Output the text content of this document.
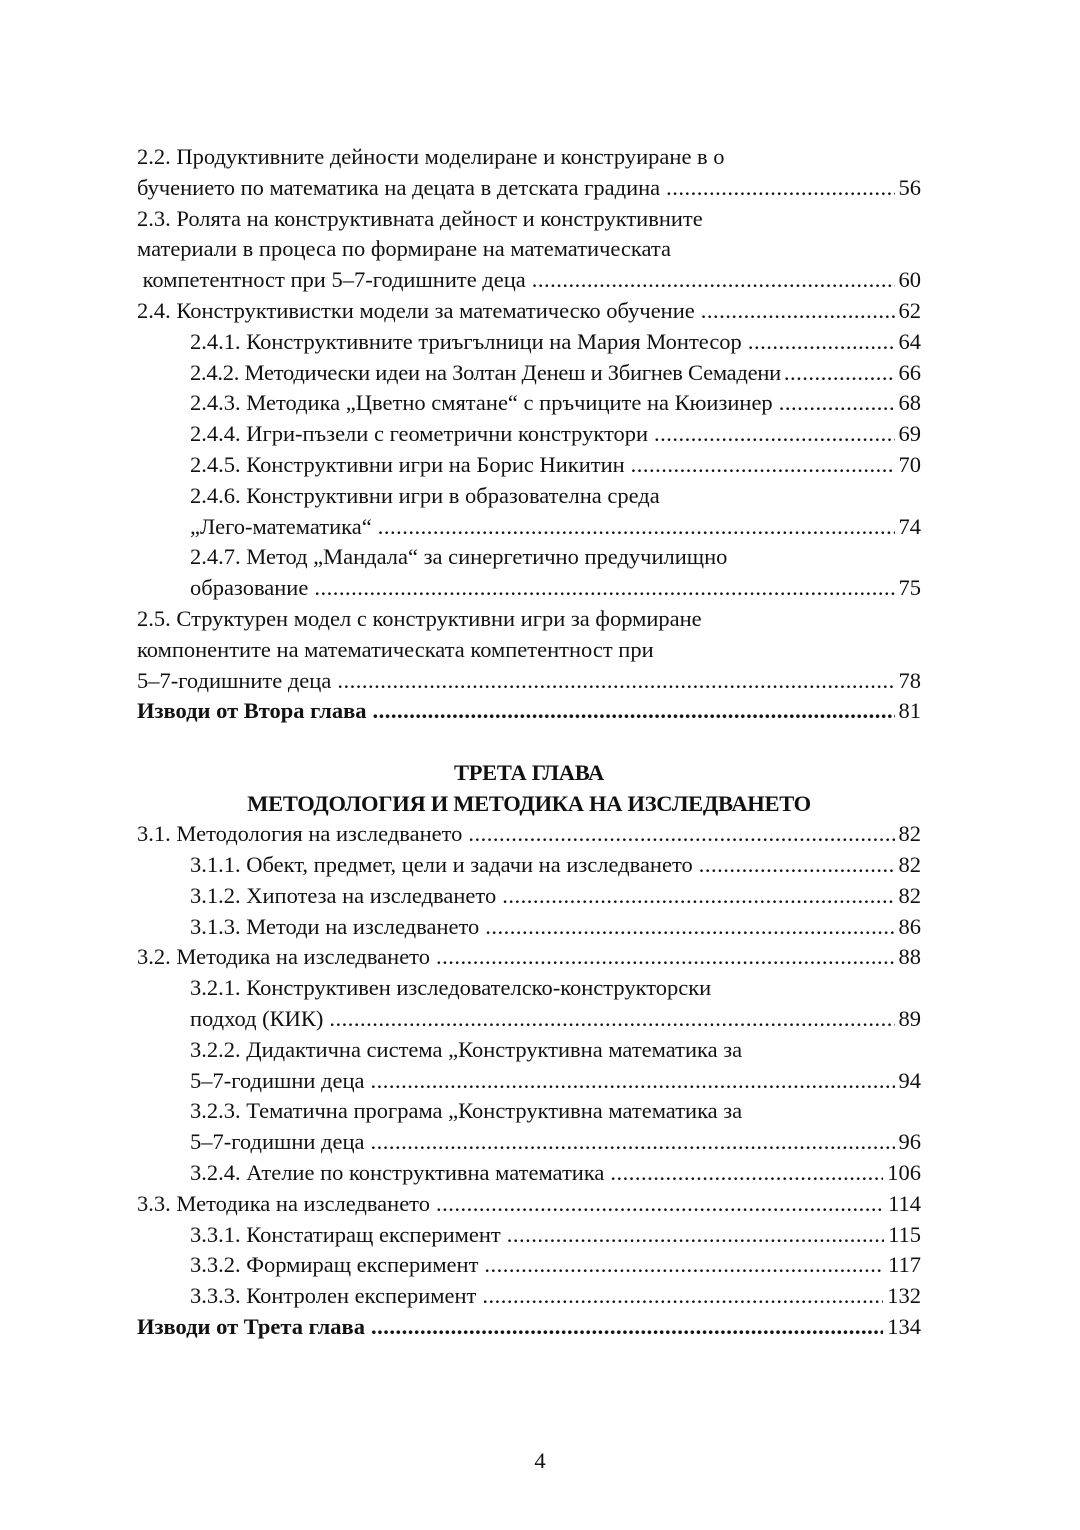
2.2. Продуктивните дейности моделиране и конструиране в о
бучението по математика на децата в детската градина .....	56
2.3. Ролята на конструктивната дейност и конструктивните
материали в процеса по формиране на математическата
компетентност при 5–7-годишните деца .....	60
2.4. Конструктивистки модели за математическо обучение .....	62
2.4.1. Конструктивните триъгълници на Мария Монтесор .....	64
2.4.2. Методически идеи на Золтан Денеш и Збигнев Семадени .....	66
2.4.3. Методика „Цветно смятане“ с пръчиците на Кюизинер .....	68
2.4.4. Игри-пъзели с геометрични конструктори .....	69
2.4.5. Конструктивни игри на Борис Никитин .....	70
2.4.6. Конструктивни игри в образователна среда
„Лего-математика“ .....	74
2.4.7. Метод „Мандала“ за синергетично предучилищно
образование .....	75
2.5. Структурен модел с конструктивни игри за формиране
компонентите на математическата компетентност при
5–7-годишните деца .....	78
Изводи от Втора глава .....	81
ТРЕТА ГЛАВА
МЕТОДОЛОГИЯ И МЕТОДИКА НА ИЗСЛЕДВАНЕТО
3.1. Методология на изследването .....	82
3.1.1. Обект, предмет, цели и задачи на изследването .....	82
3.1.2. Хипотеза на изследването .....	82
3.1.3. Методи на изследването .....	86
3.2. Методика на изследването .....	88
3.2.1. Конструктивен изследователско-конструкторски
подход (КИК) .....	89
3.2.2. Дидактична система „Конструктивна математика за
5–7-годишни деца .....	94
3.2.3. Тематична програма „Конструктивна математика за
5–7-годишни деца .....	96
3.2.4. Ателие по конструктивна математика .....	106
3.3. Методика на изследването .....	114
3.3.1. Констатиращ експеримент .....	115
3.3.2. Формиращ експеримент .....	117
3.3.3. Контролен експеримент .....	132
Изводи от Трета глава .....	134
4
